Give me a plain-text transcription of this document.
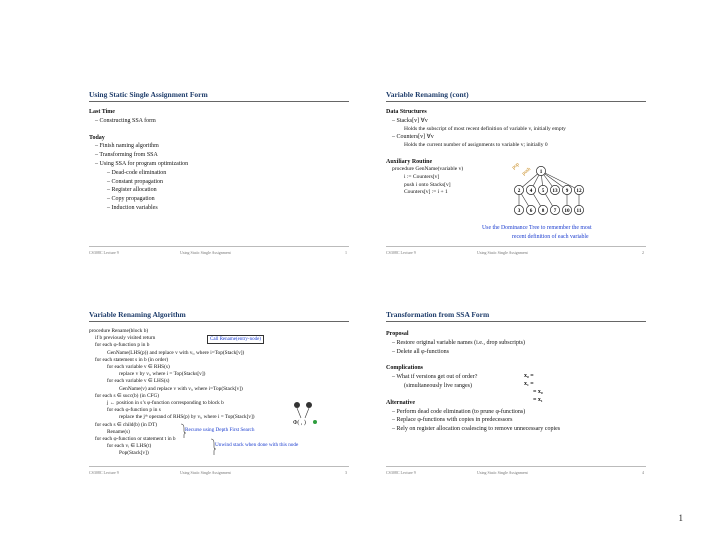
Using Static Single Assignment Form
Last Time
– Constructing SSA form
Today
– Finish naming algorithm
– Transforming from SSA
– Using SSA for program optimization
– Dead-code elimination
– Constant propagation
– Register allocation
– Copy propagation
– Induction variables
CS308C Lecture 9	Using Static Single Assignment	1
Variable Renaming (cont)
Data Structures
– Stacks[v] ∀v
Holds the subscript of most recent definition of variable v, initially empty
– Counters[v] ∀v
Holds the current number of assignments to variable v; initially 0
Auxiliary Routine
procedure GenName(variable v)
i := Counters[v]
push i onto Stacks[v]
Counters[v] := i + 1
pop
push 1
2 4 5 13 9 12
3 6 8 7 10 11
Use the Dominance Tree to remember the most
recent definition of each variable
CS308C Lecture 9	Using Static Single Assignment	2
Variable Renaming Algorithm
procedure Rename(block b)
if b previously visited return
for each φ-function p in b
GenName(LHS(p)) and replace v with vᵢ, where i=Top(Stack[v])
for each statement s in b (in order)
for each variable v ∈ RHS(s)
replace v by vᵢ, where i = Top(Stacks[v])
for each variable v ∈ LHS(s)
GenName(v) and replace v with vᵢ, where i=Top(Stack[v])
for each s ∈ succ(b) (in CFG)
j ← position in s’s φ-function corresponding to block b
for each φ-function p in s
replace the jᵗʰ operand of RHS(p) by vᵢ, where i = Top(Stack[v])
for each s ∈ child(b) (in DT)
Rename(s)
for each φ-function or statement t in b
for each vᵢ ∈ LHS(t)
Pop(Stack[v])
Call Rename(entry-node)
Recurse using Depth First Search
Unwind stack when done with this node
Φ( , )
CS308C Lecture 9	Using Static Single Assignment	3
Transformation from SSA Form
Proposal
– Restore original variable names (i.e., drop subscripts)
– Delete all φ-functions
Complications
– What if versions get out of order?
(simultaneously live ranges)
Alternative
– Perform dead code elimination (to prune φ-functions)
– Replace φ-functions with copies in predecessors
– Rely on register allocation coalescing to remove unnecessary copies
x₀ =
x₁ =
= x₀
= x₁
CS308C Lecture 9	Using Static Single Assignment	4
1
